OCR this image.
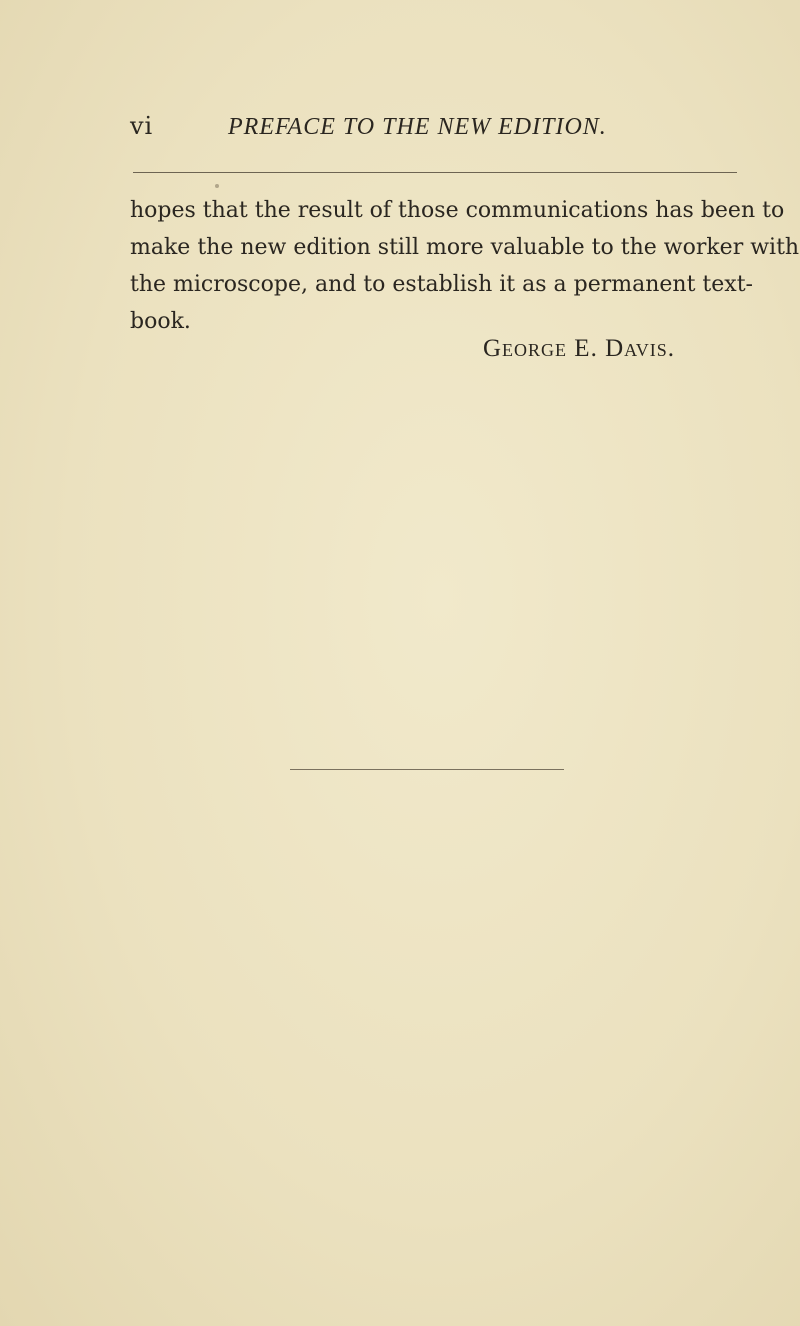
vi	PREFACE TO THE NEW EDITION.

hopes that the result of those communications has been to
make the new edition still more valuable to the worker with
the microscope, and to establish it as a permanent text-
book.

George E. Davis.
